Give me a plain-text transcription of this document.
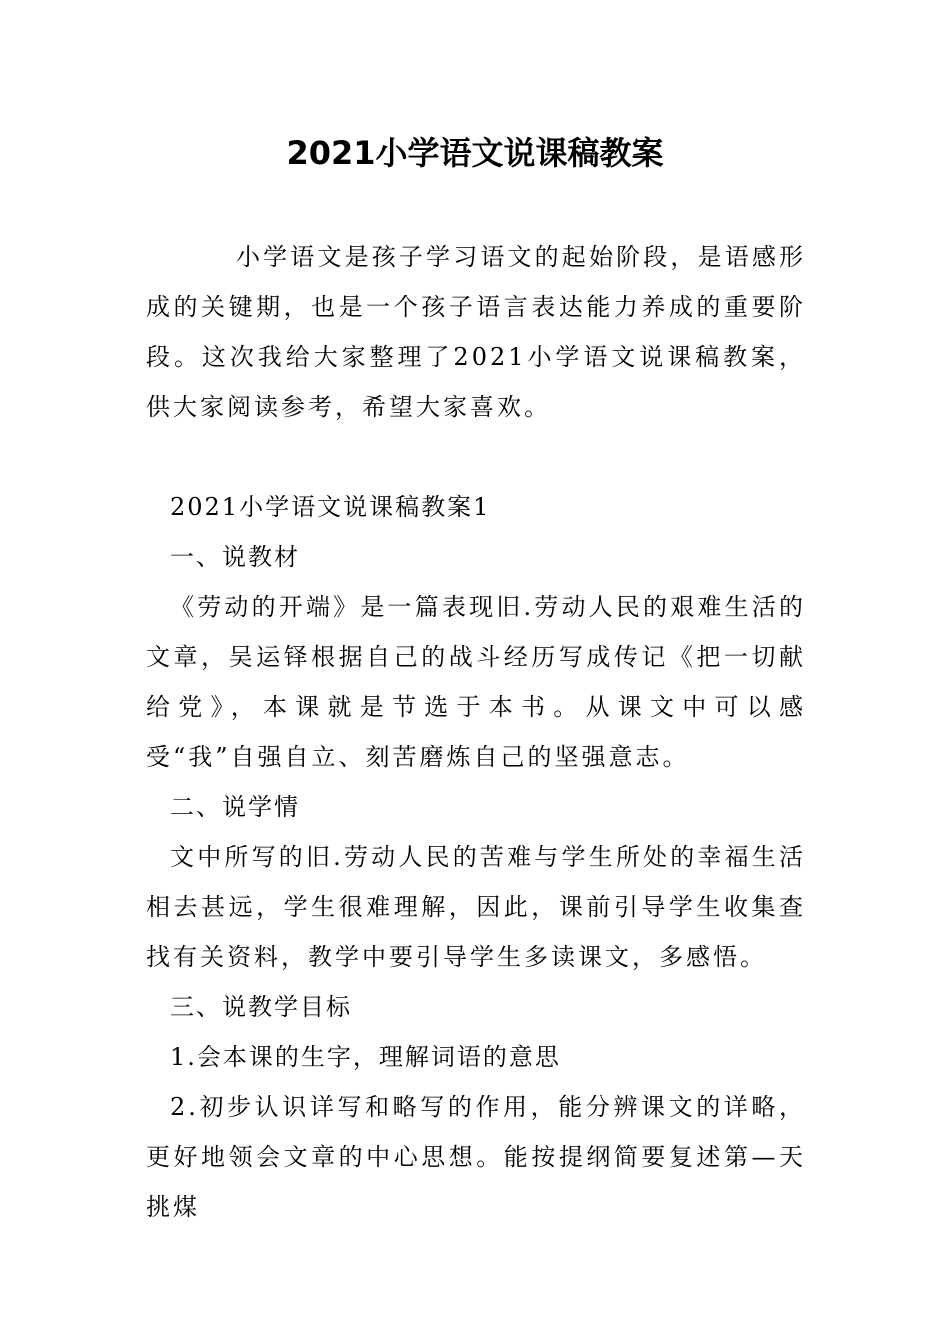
2021小学语文说课稿教案

小学语文是孩子学习语文的起始阶段，是语感形成的关键期，也是一个孩子语言表达能力养成的重要阶段。这次我给大家整理了2021小学语文说课稿教案，供大家阅读参考，希望大家喜欢。

2021小学语文说课稿教案1

一、说教材

《劳动的开端》是一篇表现旧.劳动人民的艰难生活的文章，吴运铎根据自己的战斗经历写成传记《把一切献给党》，本课就是节选于本书。从课文中可以感受“我”自强自立、刻苦磨炼自己的坚强意志。

二、说学情

文中所写的旧.劳动人民的苦难与学生所处的幸福生活相去甚远，学生很难理解，因此，课前引导学生收集查找有关资料，教学中要引导学生多读课文，多感悟。

三、说教学目标

1.会本课的生字，理解词语的意思

2.初步认识详写和略写的作用，能分辨课文的详略，更好地领会文章的中心思想。能按提纲简要复述第—天挑煤
